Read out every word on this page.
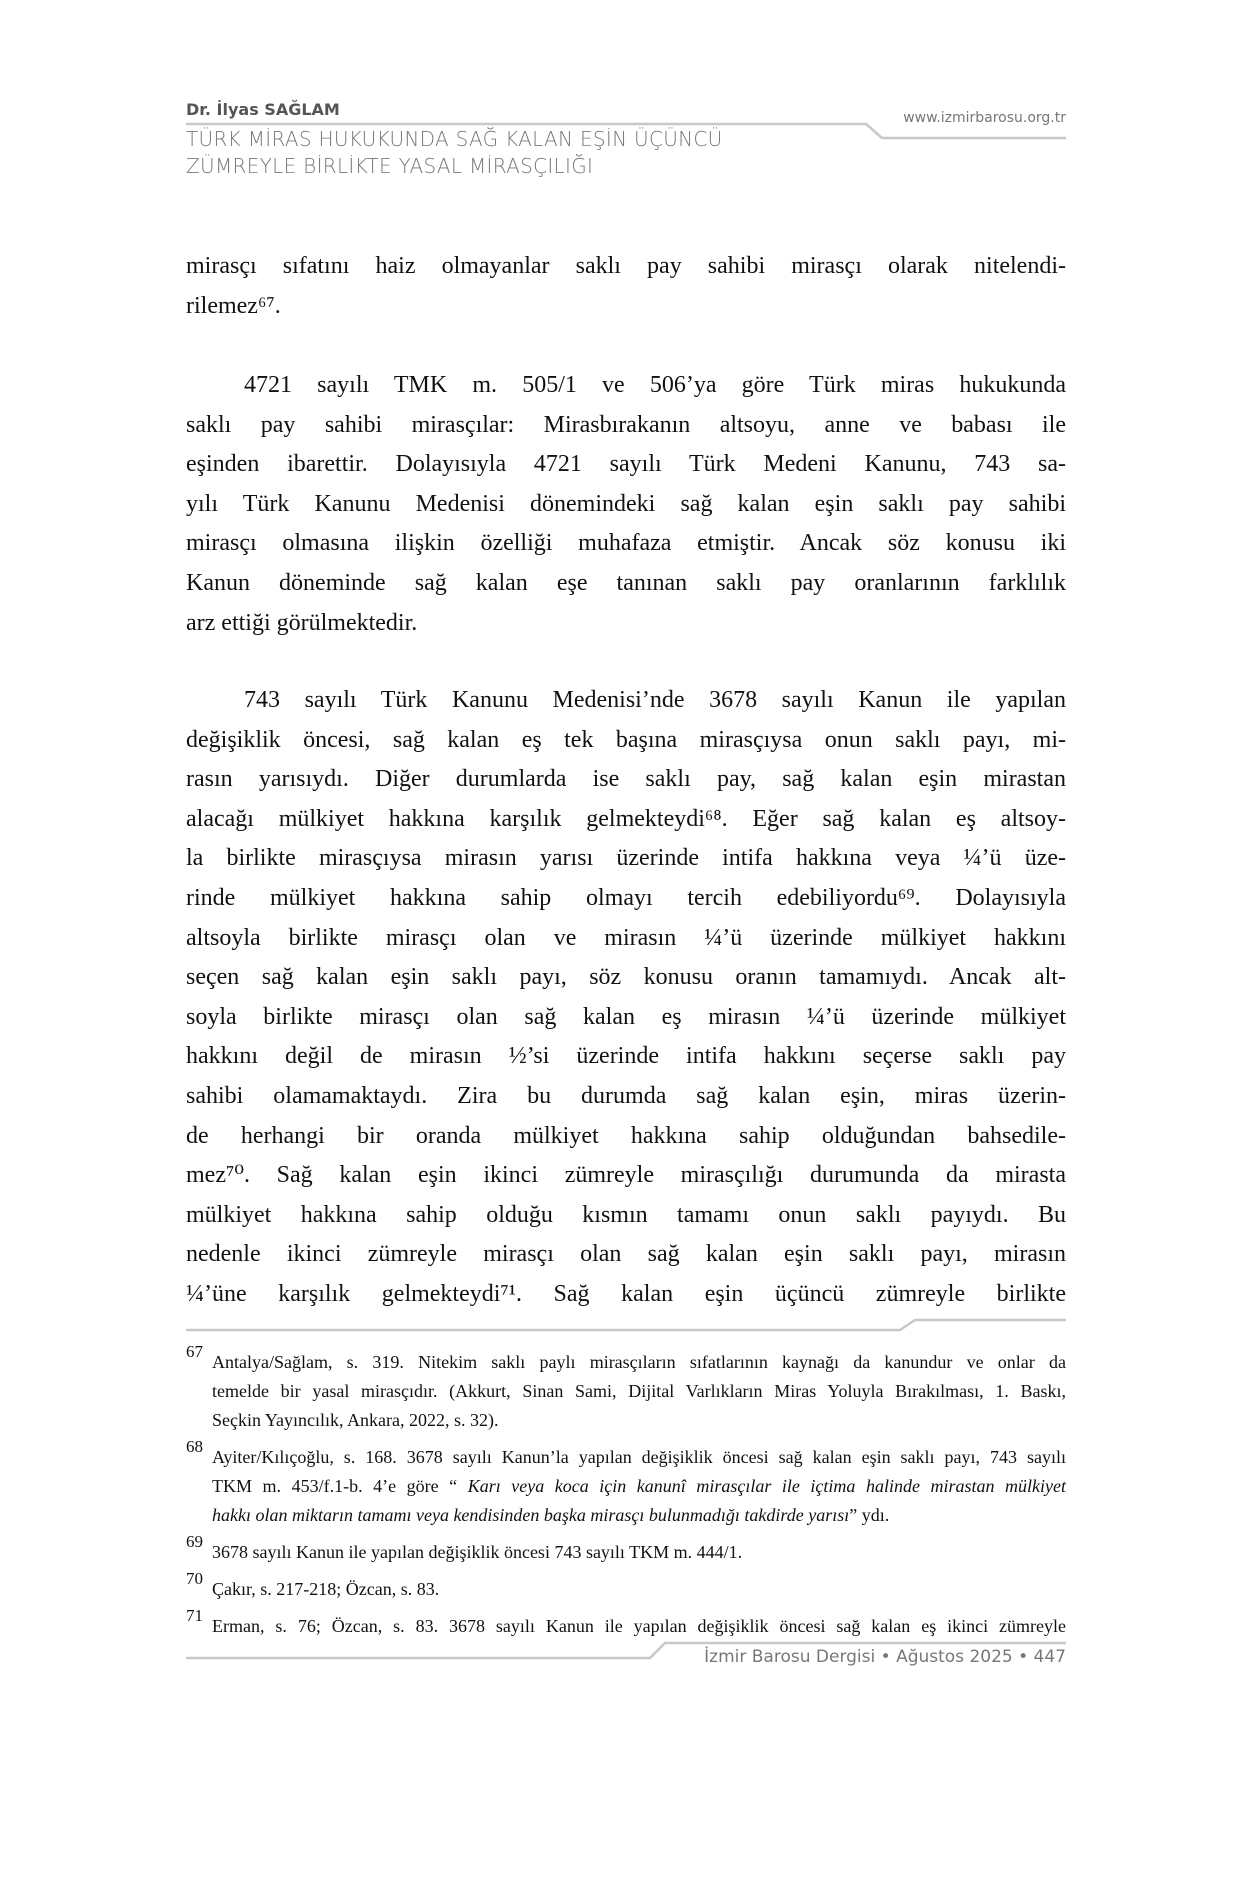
Dr. İlyas SAĞLAM	www.izmirbarosu.org.tr
TÜRK MİRAS HUKUKUNDA SAĞ KALAN EŞİN ÜÇÜNCÜ
ZÜMREYLE BİRLİKTE YASAL MİRASÇILIĞI
mirasçı sıfatını haiz olmayanlar saklı pay sahibi mirasçı olarak nitelendi-
rilemez⁶⁷.
4721 sayılı TMK m. 505/1 ve 506’ya göre Türk miras hukukunda
saklı pay sahibi mirasçılar: Mirasbırakanın altsoyu, anne ve babası ile
eşinden ibarettir. Dolayısıyla 4721 sayılı Türk Medeni Kanunu, 743 sa-
yılı Türk Kanunu Medenisi dönemindeki sağ kalan eşin saklı pay sahibi
mirasçı olmasına ilişkin özelliği muhafaza etmiştir. Ancak söz konusu iki
Kanun döneminde sağ kalan eşe tanınan saklı pay oranlarının farklılık
arz ettiği görülmektedir.
743 sayılı Türk Kanunu Medenisi’nde 3678 sayılı Kanun ile yapılan
değişiklik öncesi, sağ kalan eş tek başına mirasçıysa onun saklı payı, mi-
rasın yarısıydı. Diğer durumlarda ise saklı pay, sağ kalan eşin mirastan
alacağı mülkiyet hakkına karşılık gelmekteydi⁶⁸. Eğer sağ kalan eş altsoy-
la birlikte mirasçıysa mirasın yarısı üzerinde intifa hakkına veya ¼’ü üze-
rinde mülkiyet hakkına sahip olmayı tercih edebiliyordu⁶⁹. Dolayısıyla
altsoyla birlikte mirasçı olan ve mirasın ¼’ü üzerinde mülkiyet hakkını
seçen sağ kalan eşin saklı payı, söz konusu oranın tamamıydı. Ancak alt-
soyla birlikte mirasçı olan sağ kalan eş mirasın ¼’ü üzerinde mülkiyet
hakkını değil de mirasın ½’si üzerinde intifa hakkını seçerse saklı pay
sahibi olamamaktaydı. Zira bu durumda sağ kalan eşin, miras üzerin-
de herhangi bir oranda mülkiyet hakkına sahip olduğundan bahsedile-
mez⁷⁰. Sağ kalan eşin ikinci zümreyle mirasçılığı durumunda da mirasta
mülkiyet hakkına sahip olduğu kısmın tamamı onun saklı payıydı. Bu
nedenle ikinci zümreyle mirasçı olan sağ kalan eşin saklı payı, mirasın
¼’üne karşılık gelmekteydi⁷¹. Sağ kalan eşin üçüncü zümreyle birlikte
67
Antalya/Sağlam, s. 319. Nitekim saklı paylı mirasçıların sıfatlarının kaynağı da kanundur ve onlar da
temelde bir yasal mirasçıdır. (Akkurt, Sinan Sami, Dijital Varlıkların Miras Yoluyla Bırakılması, 1. Baskı,
Seçkin Yayıncılık, Ankara, 2022, s. 32).
68
Ayiter/Kılıçoğlu, s. 168. 3678 sayılı Kanun’la yapılan değişiklik öncesi sağ kalan eşin saklı payı, 743 sayılı
TKM m. 453/f.1-b. 4’e göre “ Karı veya koca için kanunî mirasçılar ile içtima halinde mirastan mülkiyet
hakkı olan miktarın tamamı veya kendisinden başka mirasçı bulunmadığı takdirde yarısı” ydı.
69
3678 sayılı Kanun ile yapılan değişiklik öncesi 743 sayılı TKM m. 444/1.
70
Çakır, s. 217-218; Özcan, s. 83.
71
Erman, s. 76; Özcan, s. 83. 3678 sayılı Kanun ile yapılan değişiklik öncesi sağ kalan eş ikinci zümreyle
İzmir Barosu Dergisi • Ağustos 2025 • 447
